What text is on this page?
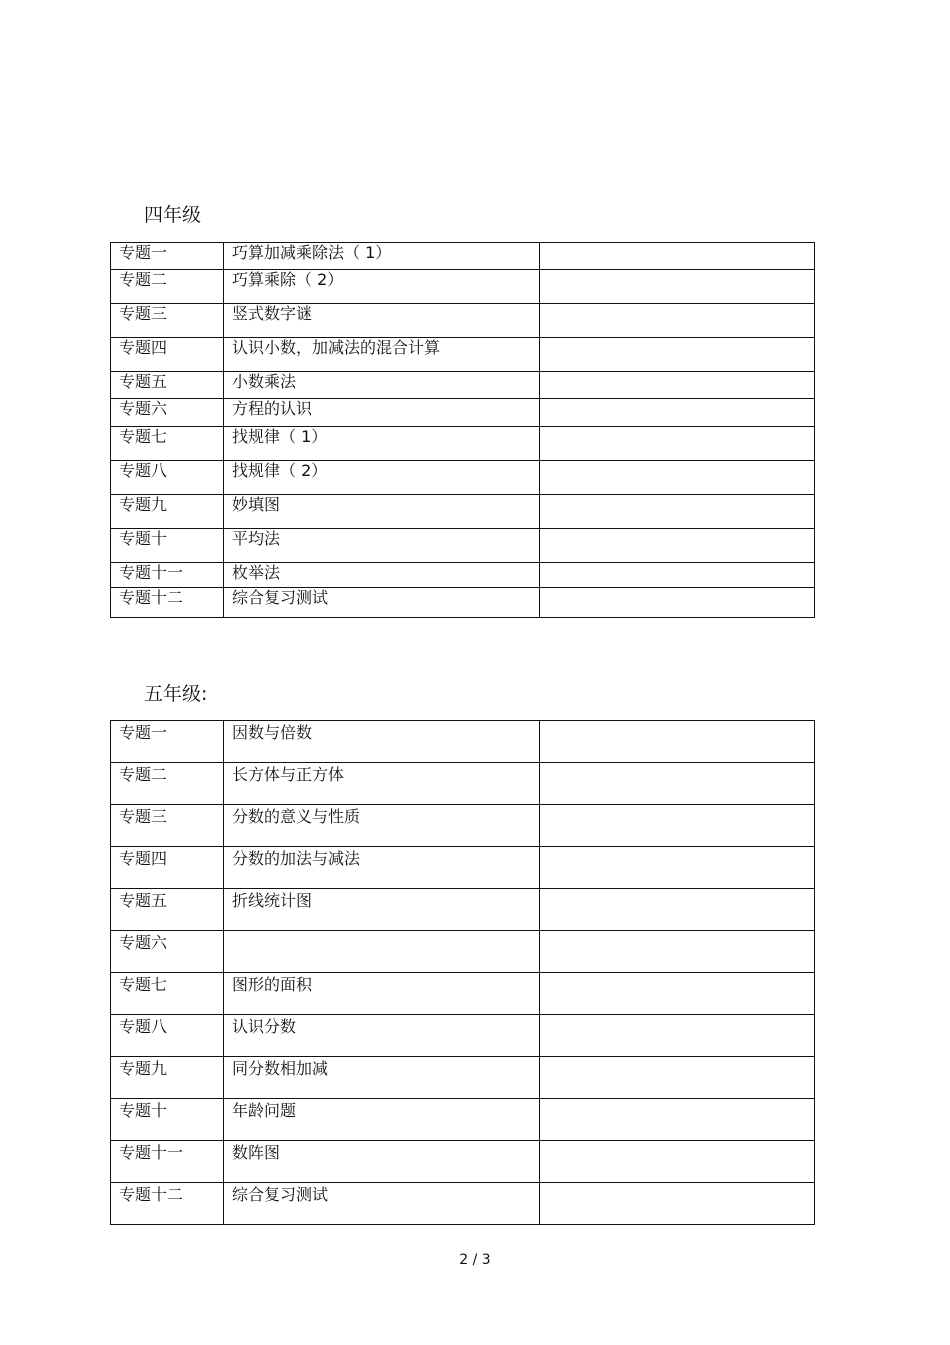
四年级
专题一	巧算加减乘除法（ 1）	
专题二	巧算乘除（ 2）	
专题三	竖式数字谜	
专题四	认识小数，加减法的混合计算	
专题五	小数乘法	
专题六	方程的认识	
专题七	找规律（ 1）	
专题八	找规律（ 2）	
专题九	妙填图	
专题十	平均法	
专题十一	枚举法	
专题十二	综合复习测试	
五年级:
专题一	因数与倍数	
专题二	长方体与正方体	
专题三	分数的意义与性质	
专题四	分数的加法与减法	
专题五	折线统计图	
专题六		
专题七	图形的面积	
专题八	认识分数	
专题九	同分数相加减	
专题十	年龄问题	
专题十一	数阵图	
专题十二	综合复习测试	

2 / 3
